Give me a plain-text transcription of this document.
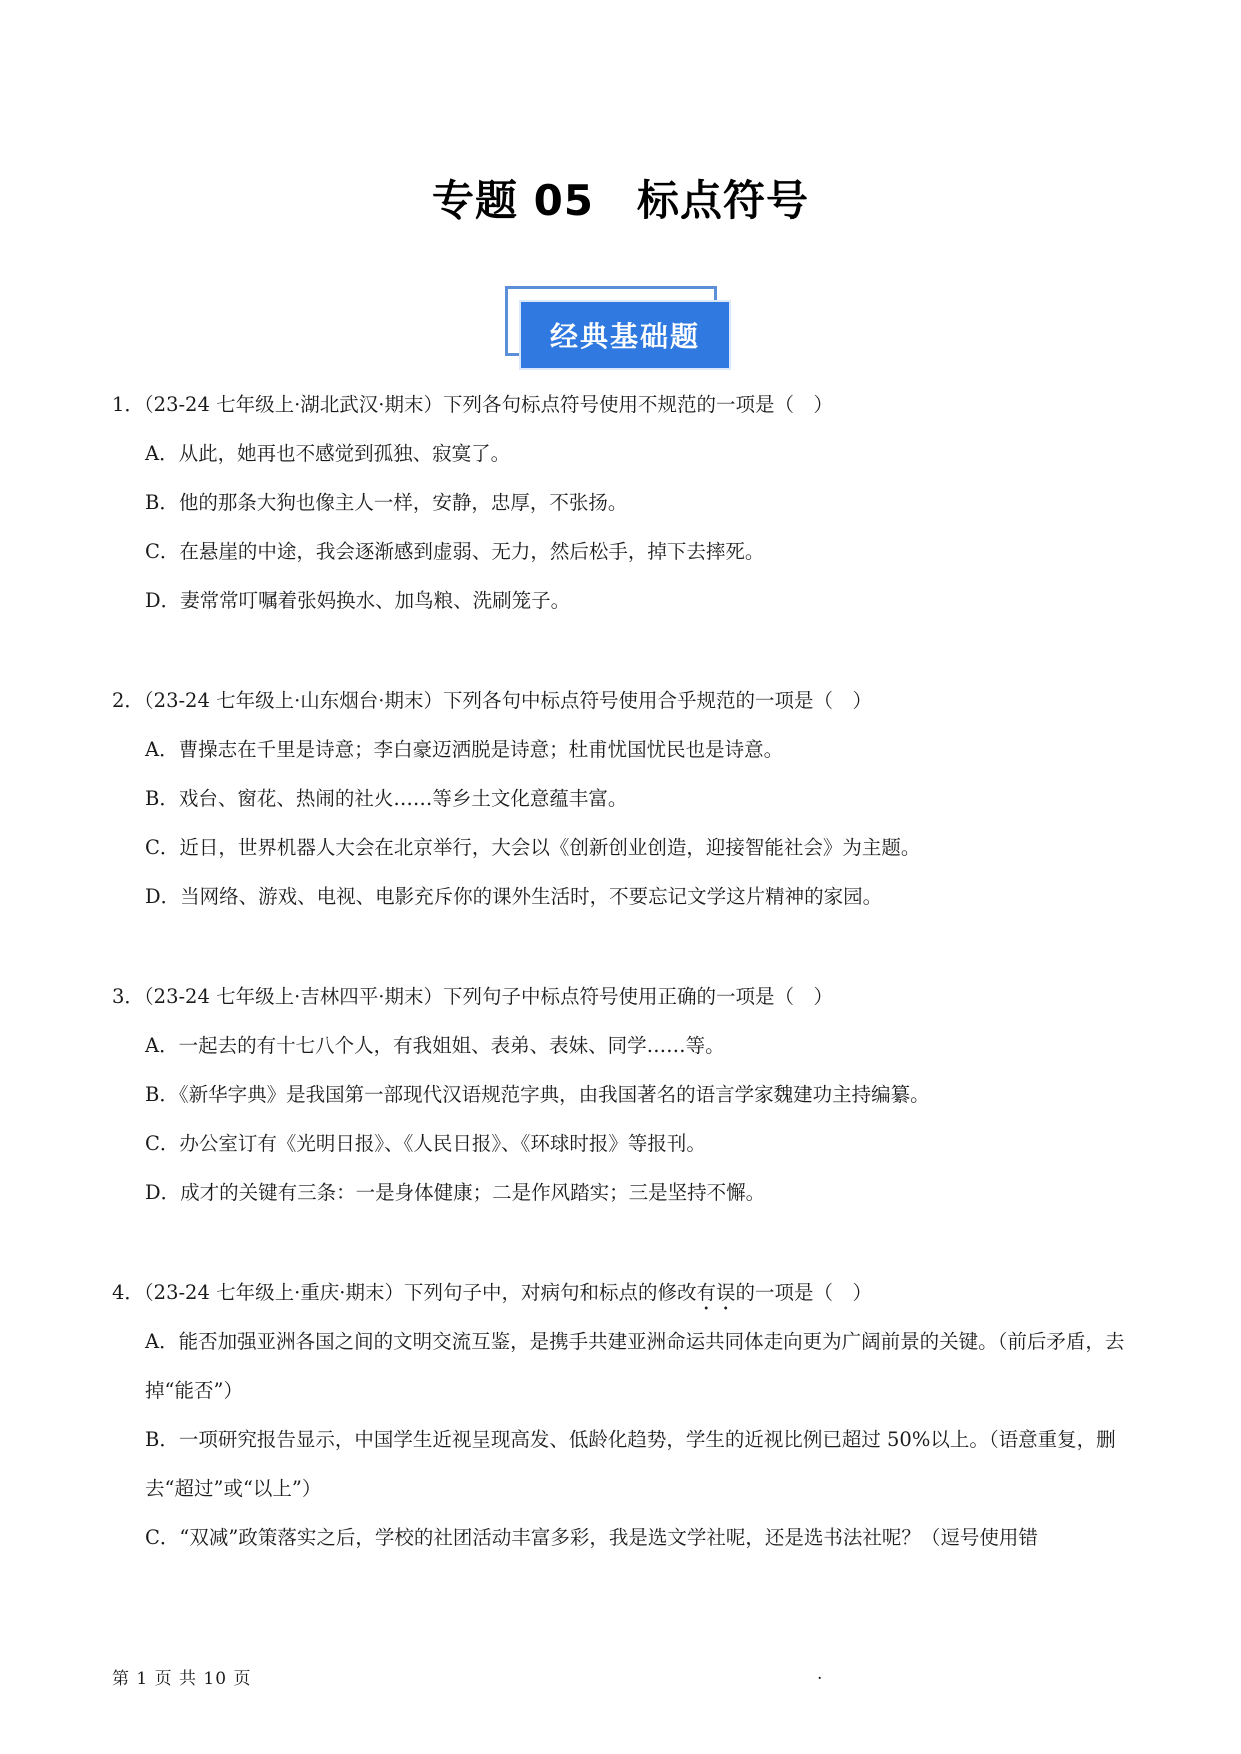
专题 05　标点符号
经典基础题
1．（23-24 七年级上·湖北武汉·期末）下列各句标点符号使用不规范的一项是（　）
A．从此，她再也不感觉到孤独、寂寞了。
B．他的那条大狗也像主人一样，安静，忠厚，不张扬。
C．在悬崖的中途，我会逐渐感到虚弱、无力，然后松手，掉下去摔死。
D．妻常常叮嘱着张妈换水、加鸟粮、洗刷笼子。
2．（23-24 七年级上·山东烟台·期末）下列各句中标点符号使用合乎规范的一项是（　）
A．曹操志在千里是诗意；李白豪迈洒脱是诗意；杜甫忧国忧民也是诗意。
B．戏台、窗花、热闹的社火……等乡土文化意蕴丰富。
C．近日，世界机器人大会在北京举行，大会以《创新创业创造，迎接智能社会》为主题。
D．当网络、游戏、电视、电影充斥你的课外生活时，不要忘记文学这片精神的家园。
3．（23-24 七年级上·吉林四平·期末）下列句子中标点符号使用正确的一项是（　）
A．一起去的有十七八个人，有我姐姐、表弟、表妹、同学……等。
B．《新华字典》是我国第一部现代汉语规范字典，由我国著名的语言学家魏建功主持编纂。
C．办公室订有《光明日报》、《人民日报》、《环球时报》等报刊。
D．成才的关键有三条：一是身体健康；二是作风踏实；三是坚持不懈。
4．（23-24 七年级上·重庆·期末）下列句子中，对病句和标点的修改有误的一项是（　）
A．能否加强亚洲各国之间的文明交流互鉴，是携手共建亚洲命运共同体走向更为广阔前景的关键。（前后矛盾，去掉“能否”）
B．一项研究报告显示，中国学生近视呈现高发、低龄化趋势，学生的近视比例已超过 50%以上。（语意重复，删去“超过”或“以上”）
C．“双减”政策落实之后，学校的社团活动丰富多彩，我是选文学社呢，还是选书法社呢？（逗号使用错
第 1 页 共 10 页	.
